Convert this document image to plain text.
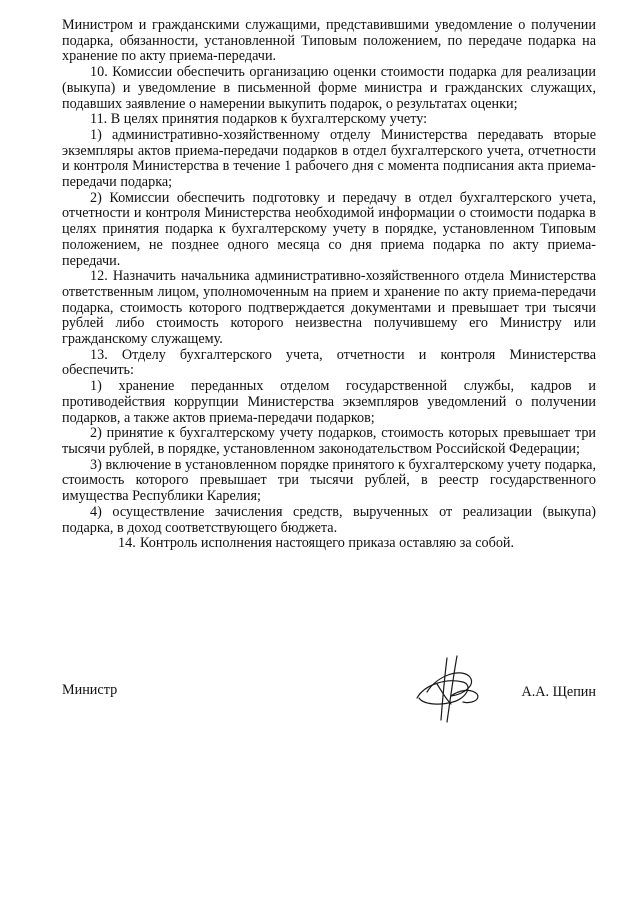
Министром и гражданскими служащими, представившими уведомление о получении подарка, обязанности, установленной Типовым положением, по передаче подарка на хранение по акту приема-передачи.

10. Комиссии обеспечить организацию оценки стоимости подарка для реализации (выкупа) и уведомление в письменной форме министра и гражданских служащих, подавших заявление о намерении выкупить подарок, о результатах оценки;

11. В целях принятия подарков к бухгалтерскому учету:

1) административно-хозяйственному отделу Министерства передавать вторые экземпляры актов приема-передачи подарков в отдел бухгалтерского учета, отчетности и контроля Министерства в течение 1 рабочего дня с момента подписания акта приема-передачи подарка;

2) Комиссии обеспечить подготовку и передачу в отдел бухгалтерского учета, отчетности и контроля Министерства необходимой информации о стоимости подарка в целях принятия подарка к бухгалтерскому учету в порядке, установленном Типовым положением, не позднее одного месяца со дня приема подарка по акту приема-передачи.

12. Назначить начальника административно-хозяйственного отдела Министерства ответственным лицом, уполномоченным на прием и хранение по акту приема-передачи подарка, стоимость которого подтверждается документами и превышает три тысячи рублей либо стоимость которого неизвестна получившему его Министру или гражданскому служащему.

13. Отделу бухгалтерского учета, отчетности и контроля Министерства обеспечить:

1) хранение переданных отделом государственной службы, кадров и противодействия коррупции Министерства экземпляров уведомлений о получении подарков, а также актов приема-передачи подарков;

2) принятие к бухгалтерскому учету подарков, стоимость которых превышает три тысячи рублей, в порядке, установленном законодательством Российской Федерации;

3) включение в установленном порядке принятого к бухгалтерскому учету подарка, стоимость которого превышает три тысячи рублей, в реестр государственного имущества Республики Карелия;

4) осуществление зачисления средств, вырученных от реализации (выкупа) подарка, в доход соответствующего бюджета.

14. Контроль исполнения настоящего приказа оставляю за собой.

Министр	А.А. Щепин
